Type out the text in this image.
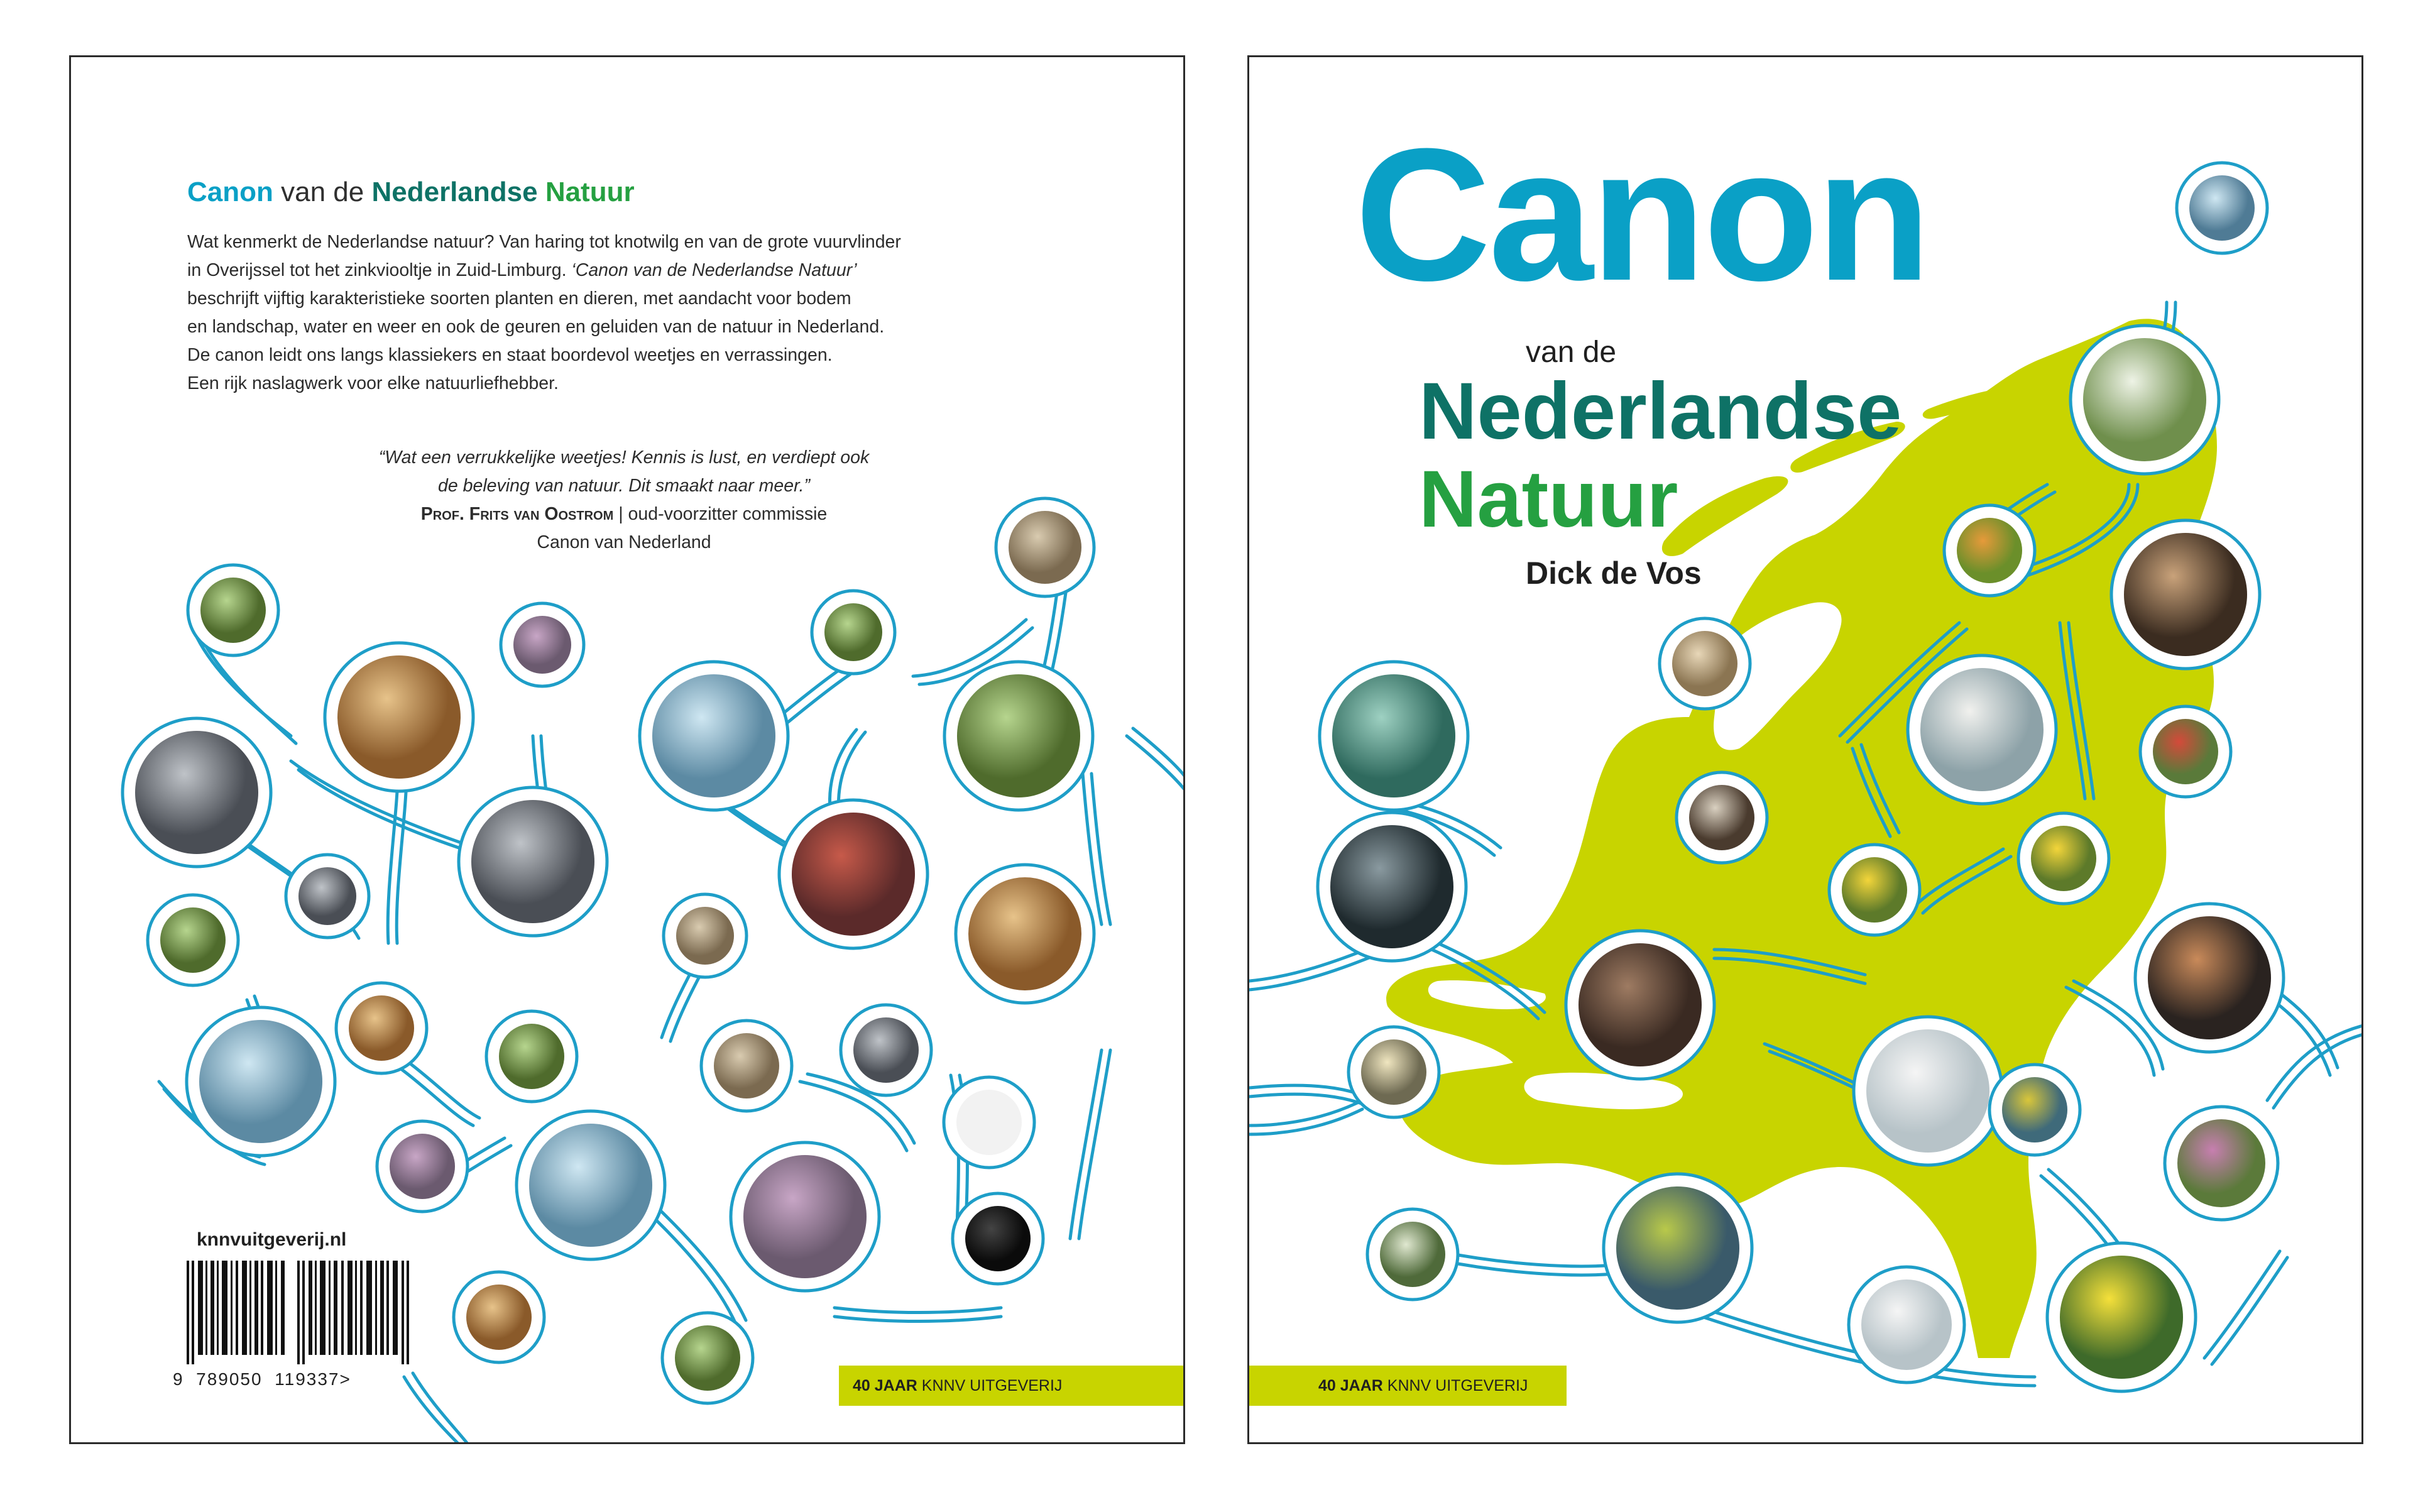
Canon van de Nederlandse Natuur

Wat kenmerkt de Nederlandse natuur? Van haring tot knotwilg en van de grote vuurvlinder
in Overijssel tot het zinkviooltje in Zuid-Limburg. ‘Canon van de Nederlandse Natuur’
beschrijft vijftig karakteristieke soorten planten en dieren, met aandacht voor bodem
en landschap, water en weer en ook de geuren en geluiden van de natuur in Nederland.
De canon leidt ons langs klassiekers en staat boordevol weetjes en verrassingen.
Een rijk naslagwerk voor elke natuurliefhebber.

“Wat een verrukkelijke weetjes! Kennis is lust, en verdiept ook
de beleving van natuur. Dit smaakt naar meer.”
Prof. Frits van Oostrom | oud-voorzitter commissie
Canon van Nederland
knnvuitgeverij.nl
9 789050 119337>	40 JAAR KNNV UITGEVERIJ
Canon
van de
Nederlandse
Natuur
Dick de Vos
40 JAAR KNNV UITGEVERIJ
